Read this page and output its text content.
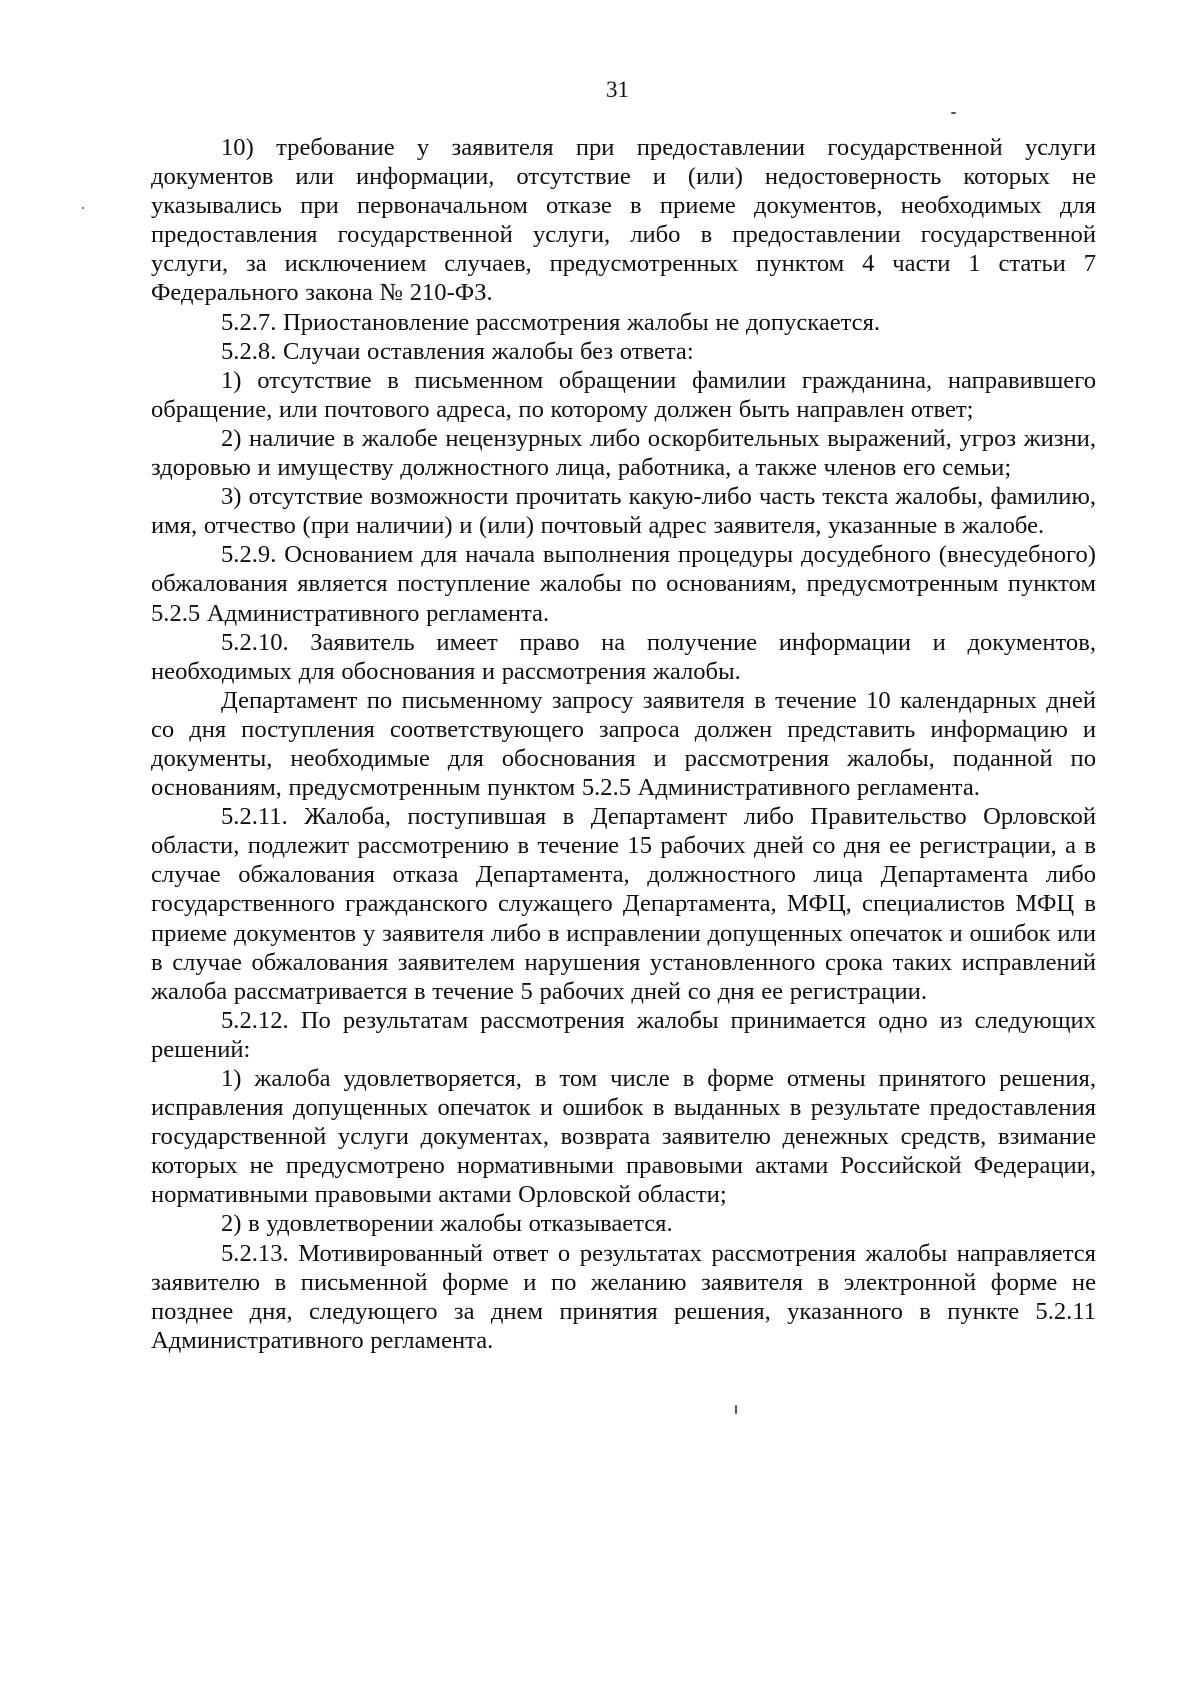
31

10) требование у заявителя при предоставлении государственной услуги документов или информации, отсутствие и (или) недостоверность которых не указывались при первоначальном отказе в приеме документов, необходимых для предоставления государственной услуги, либо в предоставлении государственной услуги, за исключением случаев, предусмотренных пунктом 4 части 1 статьи 7 Федерального закона № 210-ФЗ.

5.2.7. Приостановление рассмотрения жалобы не допускается.

5.2.8. Случаи оставления жалобы без ответа:

1) отсутствие в письменном обращении фамилии гражданина, направившего обращение, или почтового адреса, по которому должен быть направлен ответ;

2) наличие в жалобе нецензурных либо оскорбительных выражений, угроз жизни, здоровью и имуществу должностного лица, работника, а также членов его семьи;

3) отсутствие возможности прочитать какую-либо часть текста жалобы, фамилию, имя, отчество (при наличии) и (или) почтовый адрес заявителя, указанные в жалобе.

5.2.9. Основанием для начала выполнения процедуры досудебного (внесудебного) обжалования является поступление жалобы по основаниям, предусмотренным пунктом 5.2.5 Административного регламента.

5.2.10. Заявитель имеет право на получение информации и документов, необходимых для обоснования и рассмотрения жалобы.

Департамент по письменному запросу заявителя в течение 10 календарных дней со дня поступления соответствующего запроса должен представить информацию и документы, необходимые для обоснования и рассмотрения жалобы, поданной по основаниям, предусмотренным пунктом 5.2.5 Административного регламента.

5.2.11. Жалоба, поступившая в Департамент либо Правительство Орловской области, подлежит рассмотрению в течение 15 рабочих дней со дня ее регистрации, а в случае обжалования отказа Департамента, должностного лица Департамента либо государственного гражданского служащего Департамента, МФЦ, специалистов МФЦ в приеме документов у заявителя либо в исправлении допущенных опечаток и ошибок или в случае обжалования заявителем нарушения установленного срока таких исправлений жалоба рассматривается в течение 5 рабочих дней со дня ее регистрации.

5.2.12. По результатам рассмотрения жалобы принимается одно из следующих решений:

1) жалоба удовлетворяется, в том числе в форме отмены принятого решения, исправления допущенных опечаток и ошибок в выданных в результате предоставления государственной услуги документах, возврата заявителю денежных средств, взимание которых не предусмотрено нормативными правовыми актами Российской Федерации, нормативными правовыми актами Орловской области;

2) в удовлетворении жалобы отказывается.

5.2.13. Мотивированный ответ о результатах рассмотрения жалобы направляется заявителю в письменной форме и по желанию заявителя в электронной форме не позднее дня, следующего за днем принятия решения, указанного в пункте 5.2.11 Административного регламента.
